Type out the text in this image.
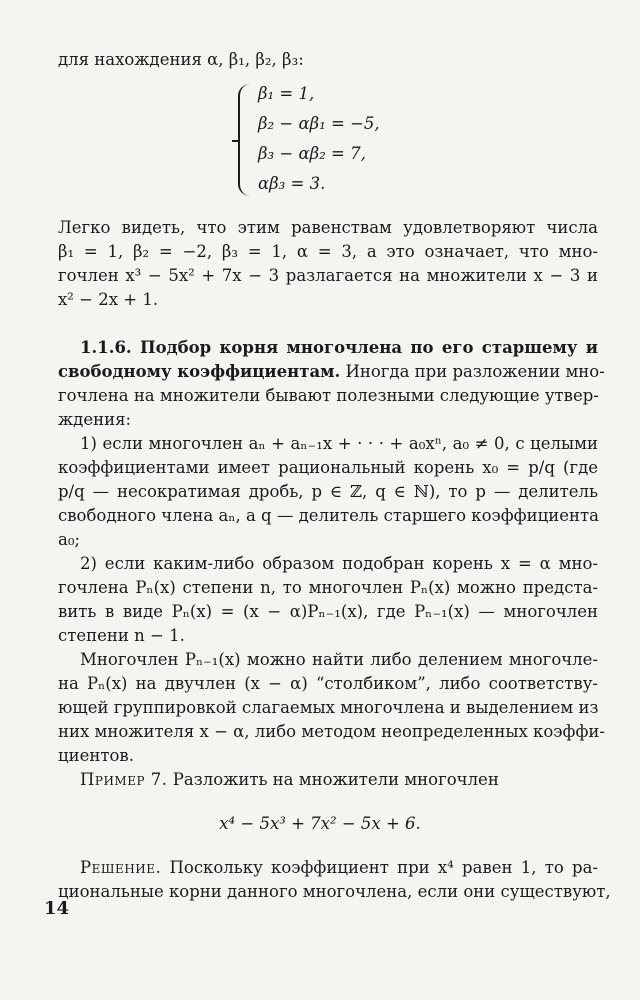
для нахождения α, β₁, β₂, β₃:
β₁ = 1,
β₂ − αβ₁ = −5,
β₃ − αβ₂ = 7,
αβ₃ = 3.
Легко видеть, что этим равенствам удовлетворяют числа
β₁ = 1, β₂ = −2, β₃ = 1, α = 3, а это означает, что мно-
гочлен x³ − 5x² + 7x − 3 разлагается на множители x − 3 и
x² − 2x + 1.
1.1.6. Подбор корня многочлена по его старшему и
свободному коэффициентам. Иногда при разложении мно-
гочлена на множители бывают полезными следующие утвер-
ждения:
1) если многочлен aₙ + aₙ₋₁x + · · · + a₀xⁿ, a₀ ≠ 0, с целыми
коэффициентами имеет рациональный корень x₀ = p/q (где
p/q — несократимая дробь, p ∈ ℤ, q ∈ ℕ), то p — делитель
свободного члена aₙ, а q — делитель старшего коэффициента
a₀;
2) если каким-либо образом подобран корень x = α мно-
гочлена Pₙ(x) степени n, то многочлен Pₙ(x) можно предста-
вить в виде Pₙ(x) = (x − α)Pₙ₋₁(x), где Pₙ₋₁(x) — многочлен
степени n − 1.
Многочлен Pₙ₋₁(x) можно найти либо делением многочле-
на Pₙ(x) на двучлен (x − α) “столбиком”, либо соответству-
ющей группировкой слагаемых многочлена и выделением из
них множителя x − α, либо методом неопределенных коэффи-
циентов.
Пример 7. Разложить на множители многочлен
x⁴ − 5x³ + 7x² − 5x + 6.
Решение. Поскольку коэффициент при x⁴ равен 1, то ра-
циональные корни данного многочлена, если они существуют,
14
